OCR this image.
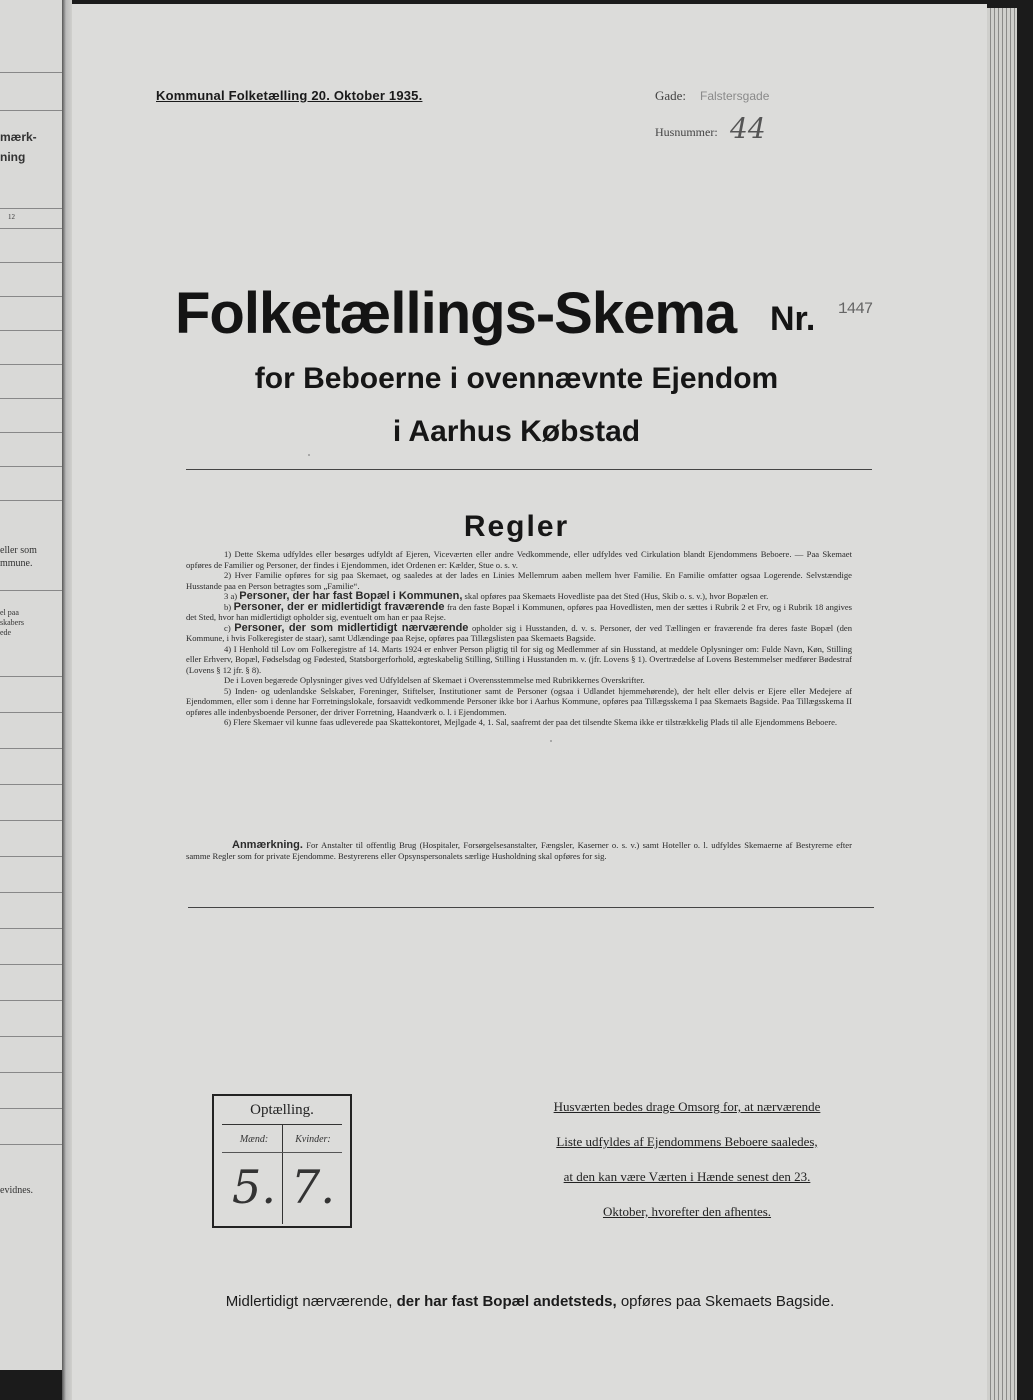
mærk-
ning
12
eller som
mmune.
el paa
skabers
ede
evidnes.
Kommunal Folketælling 20. Oktober 1935.	Gade: Falstersgade
Husnummer: 44
Folketællings-Skema Nr. 1447
for Beboerne i ovennævnte Ejendom
i Aarhus Købstad
Regler

1) Dette Skema udfyldes eller besørges udfyldt af Ejeren, Viceværten eller andre Vedkommende, eller udfyldes ved Cirkulation blandt Ejendommens Beboere. — Paa Skemaet opføres de Familier og Personer, der findes i Ejendommen, idet Ordenen er: Kælder, Stue o. s. v.

2) Hver Familie opføres for sig paa Skemaet, og saaledes at der lades en Linies Mellemrum aaben mellem hver Familie. En Familie omfatter ogsaa Logerende. Selvstændige Husstande paa en Person betragtes som „Familie“.

3 a) Personer, der har fast Bopæl i Kommunen, skal opføres paa Skemaets Hovedliste paa det Sted (Hus, Skib o. s. v.), hvor Bopælen er.

b) Personer, der er midlertidigt fraværende fra den faste Bopæl i Kommunen, opføres paa Hovedlisten, men der sættes i Rubrik 2 et Frv, og i Rubrik 18 angives det Sted, hvor han midlertidigt opholder sig, eventuelt om han er paa Rejse.

c) Personer, der som midlertidigt nærværende opholder sig i Husstanden, d. v. s. Personer, der ved Tællingen er fraværende fra deres faste Bopæl (den Kommune, i hvis Folkeregister de staar), samt Udlændinge paa Rejse, opføres paa Tillægslisten paa Skemaets Bagside.

4) I Henhold til Lov om Folkeregistre af 14. Marts 1924 er enhver Person pligtig til for sig og Medlemmer af sin Husstand, at meddele Oplysninger om: Fulde Navn, Køn, Stilling eller Erhverv, Bopæl, Fødselsdag og Fødested, Statsborgerforhold, ægteskabelig Stilling, Stilling i Husstanden m. v. (jfr. Lovens § 1). Overtrædelse af Lovens Bestemmelser medfører Bødestraf (Lovens § 12 jfr. § 8).

De i Loven begærede Oplysninger gives ved Udfyldelsen af Skemaet i Overensstemmelse med Rubrikkernes Overskrifter.

5) Inden- og udenlandske Selskaber, Foreninger, Stiftelser, Institutioner samt de Personer (ogsaa i Udlandet hjemmehørende), der helt eller delvis er Ejere eller Medejere af Ejendommen, eller som i denne har Forretningslokale, forsaavidt vedkommende Personer ikke bor i Aarhus Kommune, opføres paa Tillægsskema I paa Skemaets Bagside. Paa Tillægsskema II opføres alle indenbysboende Personer, der driver Forretning, Haandværk o. l. i Ejendommen.

6) Flere Skemaer vil kunne faas udleverede paa Skattekontoret, Mejlgade 4, 1. Sal, saafremt der paa det tilsendte Skema ikke er tilstrækkelig Plads til alle Ejendommens Beboere.

Anmærkning. For Anstalter til offentlig Brug (Hospitaler, Forsørgelsesanstalter, Fængsler, Kaserner o. s. v.) samt Hoteller o. l. udfyldes Skemaerne af Bestyrerne efter samme Regler som for private Ejendomme. Bestyrerens eller Opsynspersonalets særlige Husholdning skal opføres for sig.
Optælling.
Mænd:	Kvinder:
5. 7.
Husværten bedes drage Omsorg for, at nærværende
Liste udfyldes af Ejendommens Beboere saaledes,
at den kan være Værten i Hænde senest den 23.
Oktober, hvorefter den afhentes.
Midlertidigt nærværende, der har fast Bopæl andetsteds, opføres paa Skemaets Bagside.
